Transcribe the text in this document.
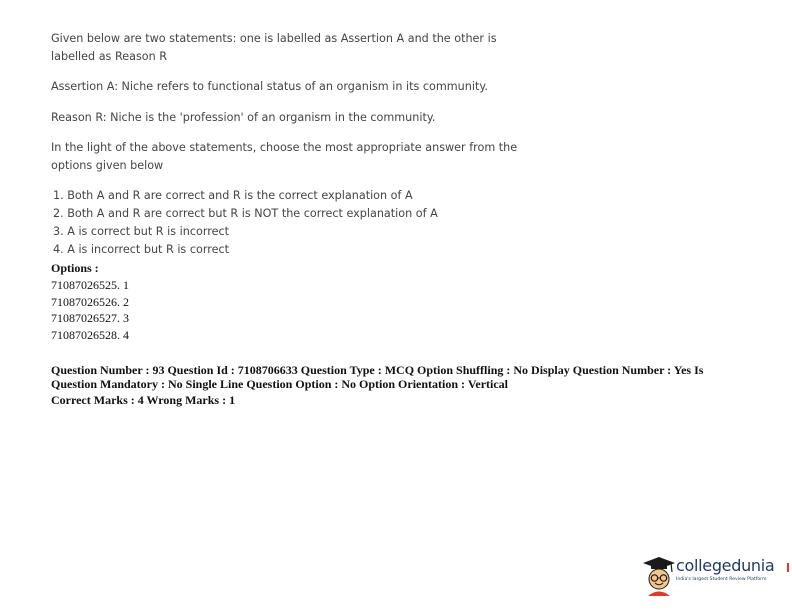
Given below are two statements: one is labelled as Assertion A and the other is labelled as Reason R

Assertion A: Niche refers to functional status of an organism in its community.

Reason R: Niche is the 'profession' of an organism in the community.

In the light of the above statements, choose the most appropriate answer from the options given below

1. Both A and R are correct and R is the correct explanation of A
2. Both A and R are correct but R is NOT the correct explanation of A
3. A is correct but R is incorrect
4. A is incorrect but R is correct
Options :
71087026525. 1
71087026526. 2
71087026527. 3
71087026528. 4
Question Number : 93 Question Id : 7108706633 Question Type : MCQ Option Shuffling : No Display Question Number : Yes Is Question Mandatory : No Single Line Question Option : No Option Orientation : Vertical
Correct Marks : 4 Wrong Marks : 1
collegedunia
India's largest Student Review Platform
